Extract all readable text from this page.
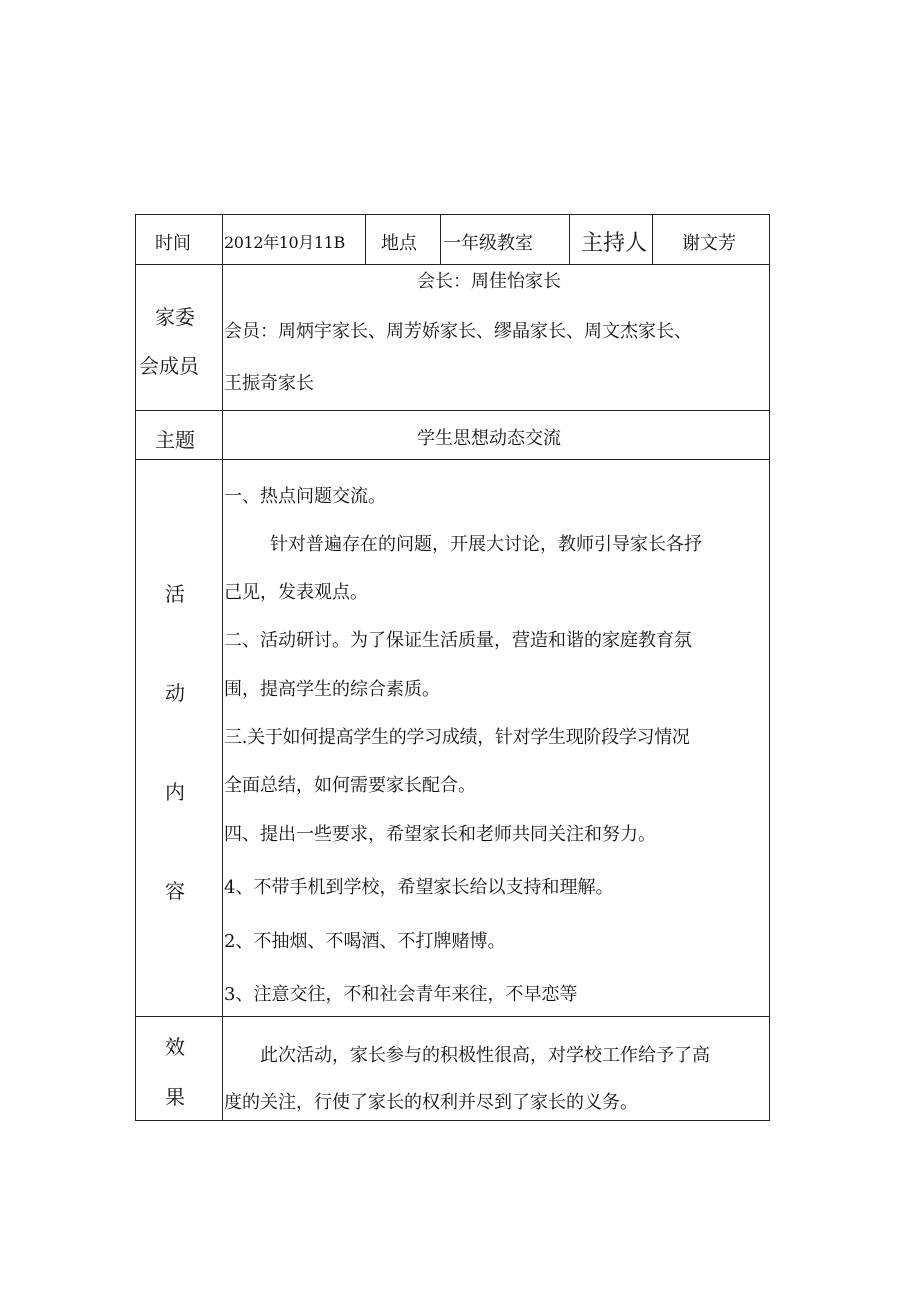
时间 2012年10月11B 地点 一年级教室 主持人 谢文芳
家委
会成员
会长：周佳怡家长
会员：周炳宇家长、周芳娇家长、缪晶家长、周文杰家长、
王振奇家长
主题	学生思想动态交流
活
动
内
容
一、热点问题交流。
针对普遍存在的问题，开展大讨论，教师引导家长各抒
己见，发表观点。
二、活动研讨。为了保证生活质量，营造和谐的家庭教育氛
围，提高学生的综合素质。
三.关于如何提高学生的学习成绩，针对学生现阶段学习情况
全面总结，如何需要家长配合。
四、提出一些要求，希望家长和老师共同关注和努力。
4、不带手机到学校，希望家长给以支持和理解。
2、不抽烟、不喝酒、不打牌赌博。
3、注意交往，不和社会青年来往，不早恋等
效
果
此次活动，家长参与的积极性很高，对学校工作给予了高
度的关注，行使了家长的权利并尽到了家长的义务。
